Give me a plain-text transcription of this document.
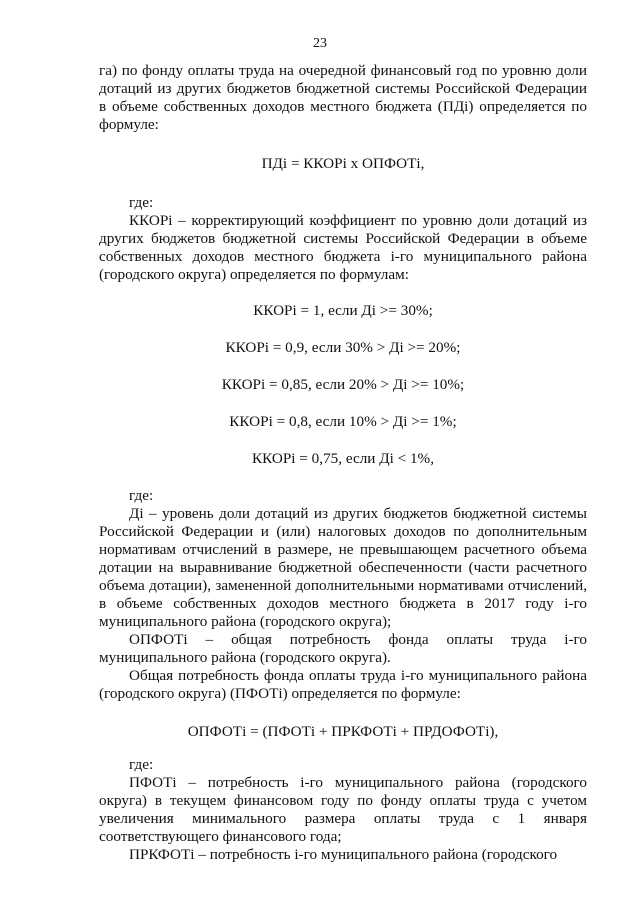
23

га) по фонду оплаты труда на очередной финансовый год по уровню доли дотаций из других бюджетов бюджетной системы Российской Федерации в объеме собственных доходов местного бюджета (ПДi) определяется по формуле:

ПДi = ККОРi х ОПФОТi,

где:

ККОРi – корректирующий коэффициент по уровню доли дотаций из других бюджетов бюджетной системы Российской Федерации в объеме собственных доходов местного бюджета i-го муниципального района (городского округа) определяется по формулам:

ККОРi = 1, если Дi >= 30%;

ККОРi = 0,9, если 30% > Дi >= 20%;

ККОРi = 0,85, если 20% > Дi >= 10%;

ККОРi = 0,8, если 10% > Дi >= 1%;

ККОРi = 0,75, если Дi < 1%,

где:

Дi – уровень доли дотаций из других бюджетов бюджетной системы Российской Федерации и (или) налоговых доходов по дополнительным нормативам отчислений в размере, не превышающем расчетного объема дотации на выравнивание бюджетной обеспеченности (части расчетного объема дотации), замененной дополнительными нормативами отчислений, в объеме собственных доходов местного бюджета в 2017 году i-го муниципального района (городского округа);

ОПФОТi – общая потребность фонда оплаты труда i-го муниципального района (городского округа).

Общая потребность фонда оплаты труда i-го муниципального района (городского округа) (ПФОТi) определяется по формуле:

ОПФОТi = (ПФОТi + ПРКФОТi + ПРДОФОТi),

где:

ПФОТi – потребность i-го муниципального района (городского округа) в текущем финансовом году по фонду оплаты труда с учетом увеличения минимального размера оплаты труда с 1 января соответствующего финансового года;

ПРКФОТi – потребность i-го муниципального района (городского
